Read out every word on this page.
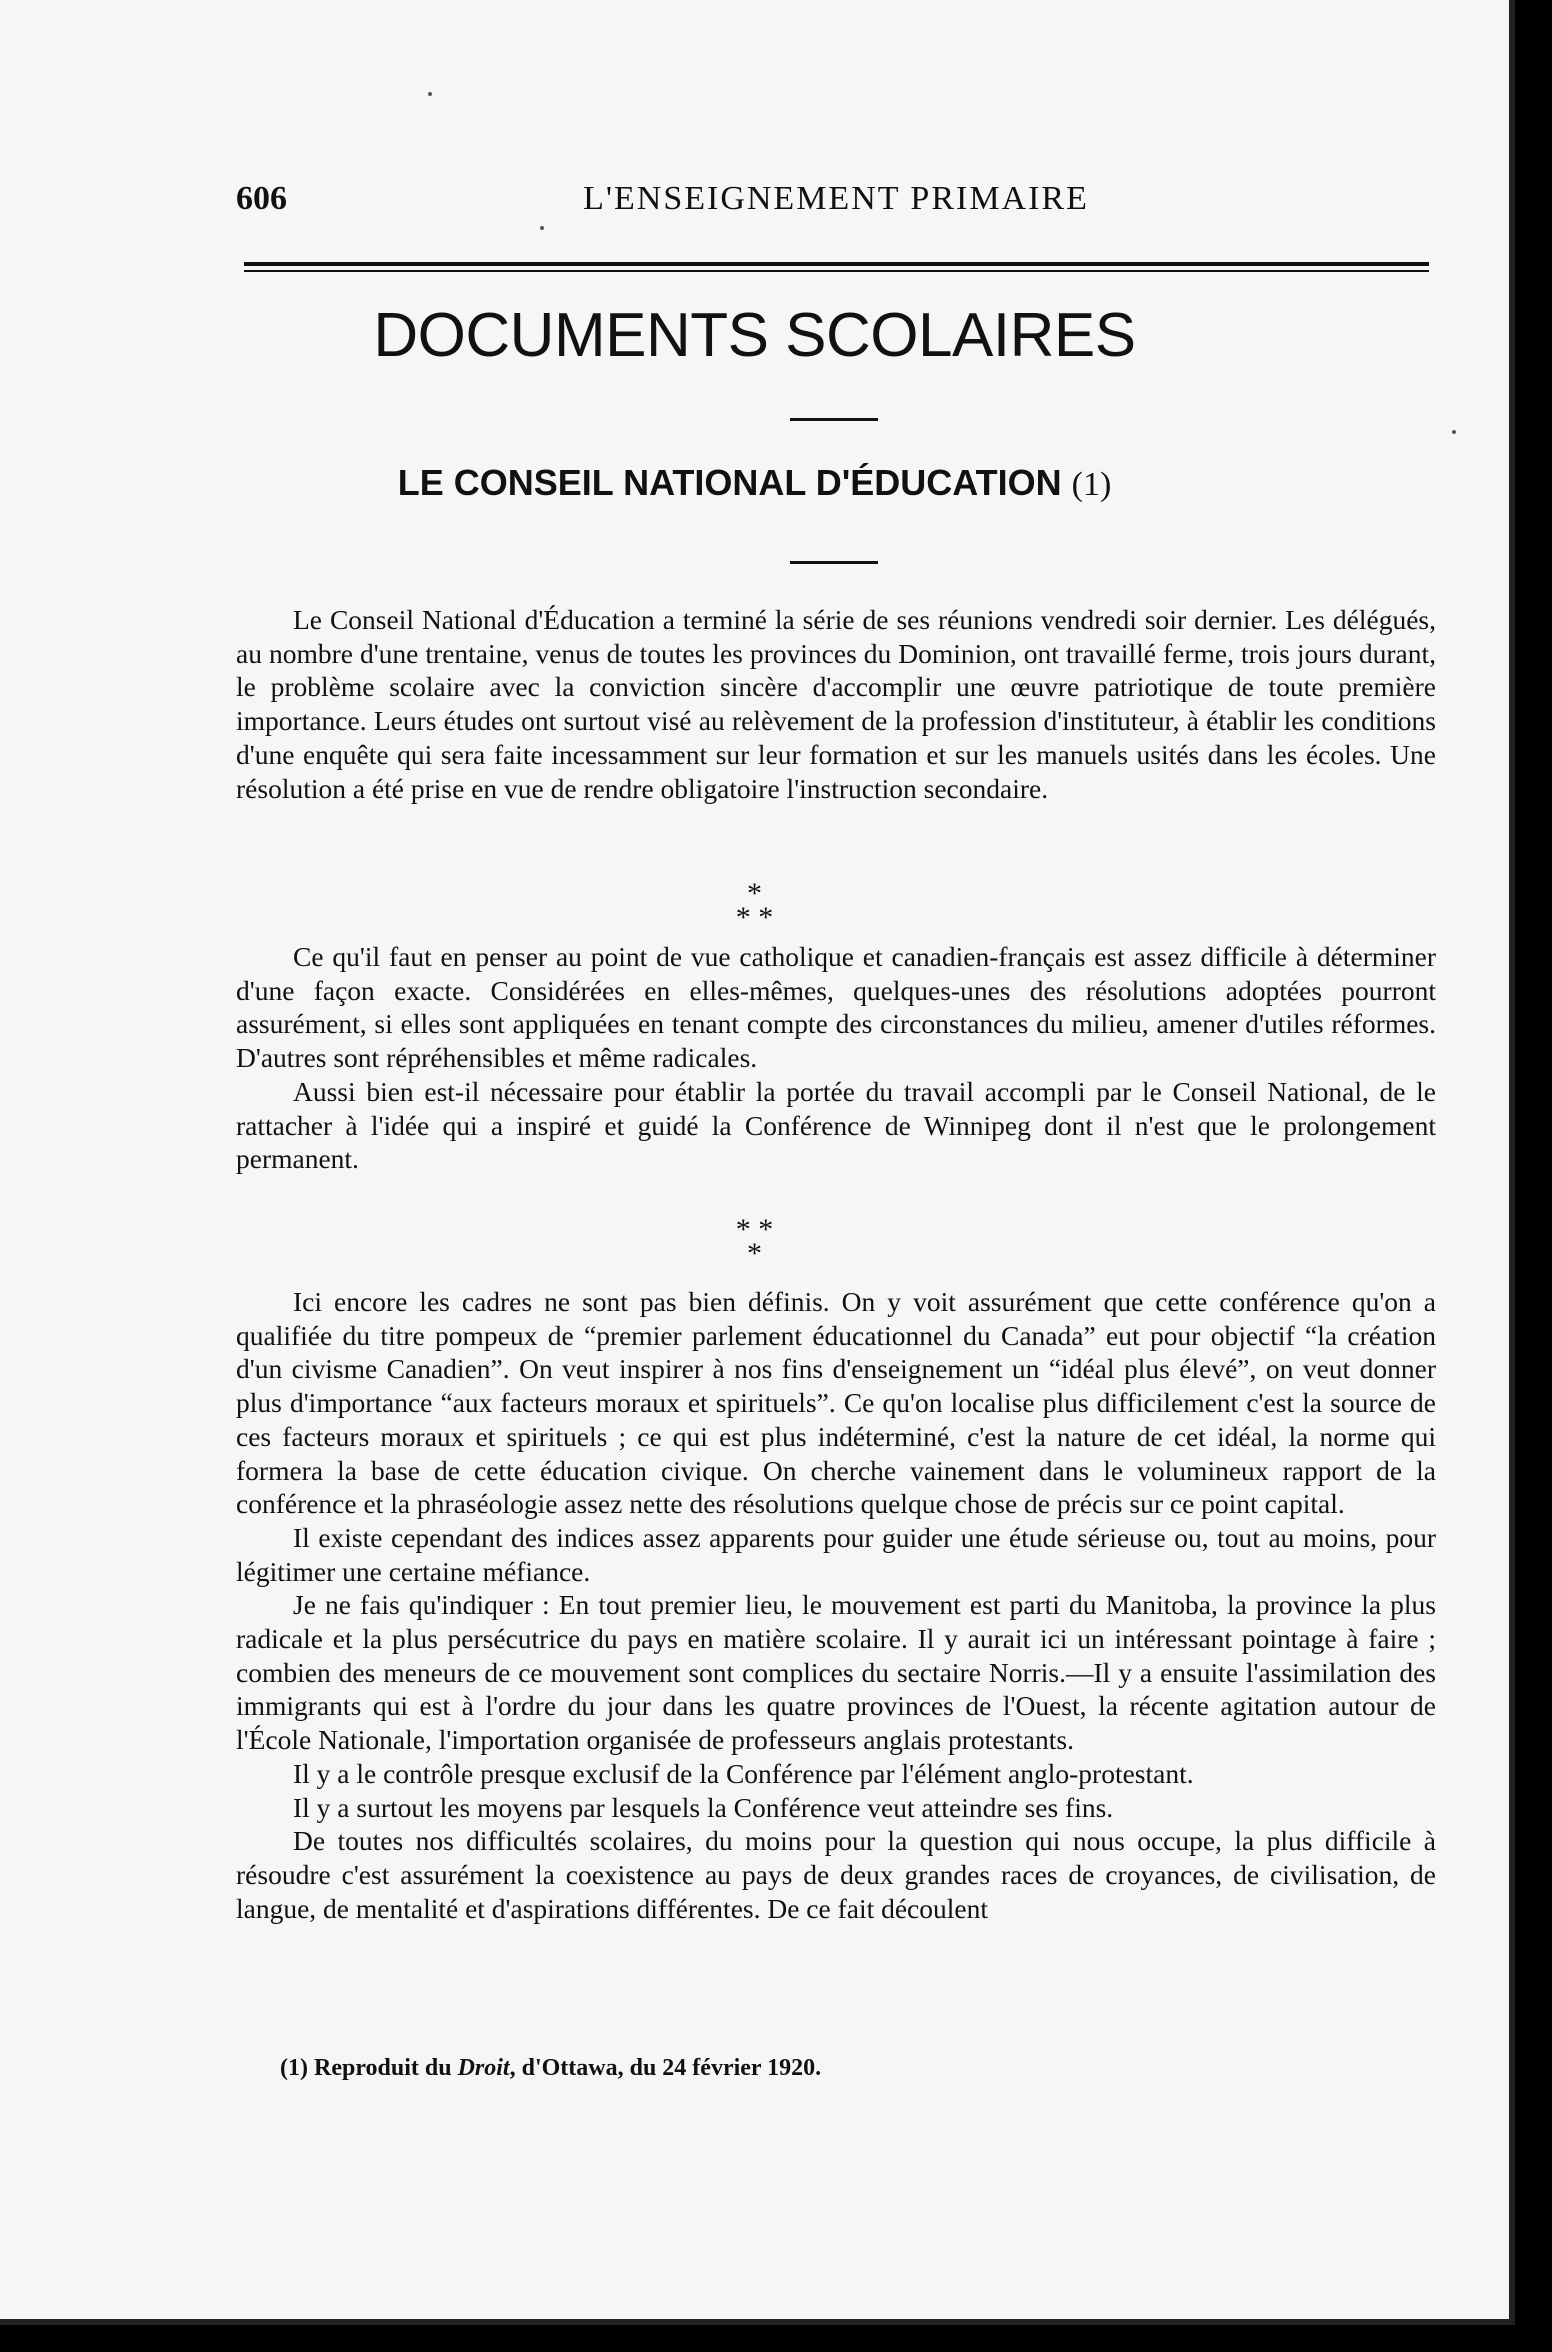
606	L'ENSEIGNEMENT PRIMAIRE
DOCUMENTS SCOLAIRES
LE CONSEIL NATIONAL D'ÉDUCATION (1)

Le Conseil National d'Éducation a terminé la série de ses réunions vendredi soir dernier. Les délégués, au nombre d'une trentaine, venus de toutes les provinces du Dominion, ont travaillé ferme, trois jours durant, le problème scolaire avec la conviction sincère d'accomplir une œuvre patriotique de toute première importance. Leurs études ont surtout visé au relèvement de la profession d'instituteur, à établir les conditions d'une enquête qui sera faite incessamment sur leur formation et sur les manuels usités dans les écoles. Une résolution a été prise en vue de rendre obligatoire l'instruction secondaire.

*
* *

Ce qu'il faut en penser au point de vue catholique et canadien-français est assez difficile à déterminer d'une façon exacte. Considérées en elles-mêmes, quelques-unes des résolutions adoptées pourront assurément, si elles sont appliquées en tenant compte des circonstances du milieu, amener d'utiles réformes. D'autres sont répréhensibles et même radicales.

Aussi bien est-il nécessaire pour établir la portée du travail accompli par le Conseil National, de le rattacher à l'idée qui a inspiré et guidé la Conférence de Winnipeg dont il n'est que le prolongement permanent.

* *
*

Ici encore les cadres ne sont pas bien définis. On y voit assurément que cette conférence qu'on a qualifiée du titre pompeux de “premier parlement éducationnel du Canada” eut pour objectif “la création d'un civisme Canadien”. On veut inspirer à nos fins d'enseignement un “idéal plus élevé”, on veut donner plus d'importance “aux facteurs moraux et spirituels”. Ce qu'on localise plus difficilement c'est la source de ces facteurs moraux et spirituels ; ce qui est plus indéterminé, c'est la nature de cet idéal, la norme qui formera la base de cette éducation civique. On cherche vainement dans le volumineux rapport de la conférence et la phraséologie assez nette des résolutions quelque chose de précis sur ce point capital.

Il existe cependant des indices assez apparents pour guider une étude sérieuse ou, tout au moins, pour légitimer une certaine méfiance.

Je ne fais qu'indiquer : En tout premier lieu, le mouvement est parti du Manitoba, la province la plus radicale et la plus persécutrice du pays en matière scolaire. Il y aurait ici un intéressant pointage à faire ; combien des meneurs de ce mouvement sont complices du sectaire Norris.—Il y a ensuite l'assimilation des immigrants qui est à l'ordre du jour dans les quatre provinces de l'Ouest, la récente agitation autour de l'École Nationale, l'importation organisée de professeurs anglais protestants.

Il y a le contrôle presque exclusif de la Conférence par l'élément anglo-protestant.

Il y a surtout les moyens par lesquels la Conférence veut atteindre ses fins.

De toutes nos difficultés scolaires, du moins pour la question qui nous occupe, la plus difficile à résoudre c'est assurément la coexistence au pays de deux grandes races de croyances, de civilisation, de langue, de mentalité et d'aspirations différentes. De ce fait découlent

(1) Reproduit du Droit, d'Ottawa, du 24 février 1920.
